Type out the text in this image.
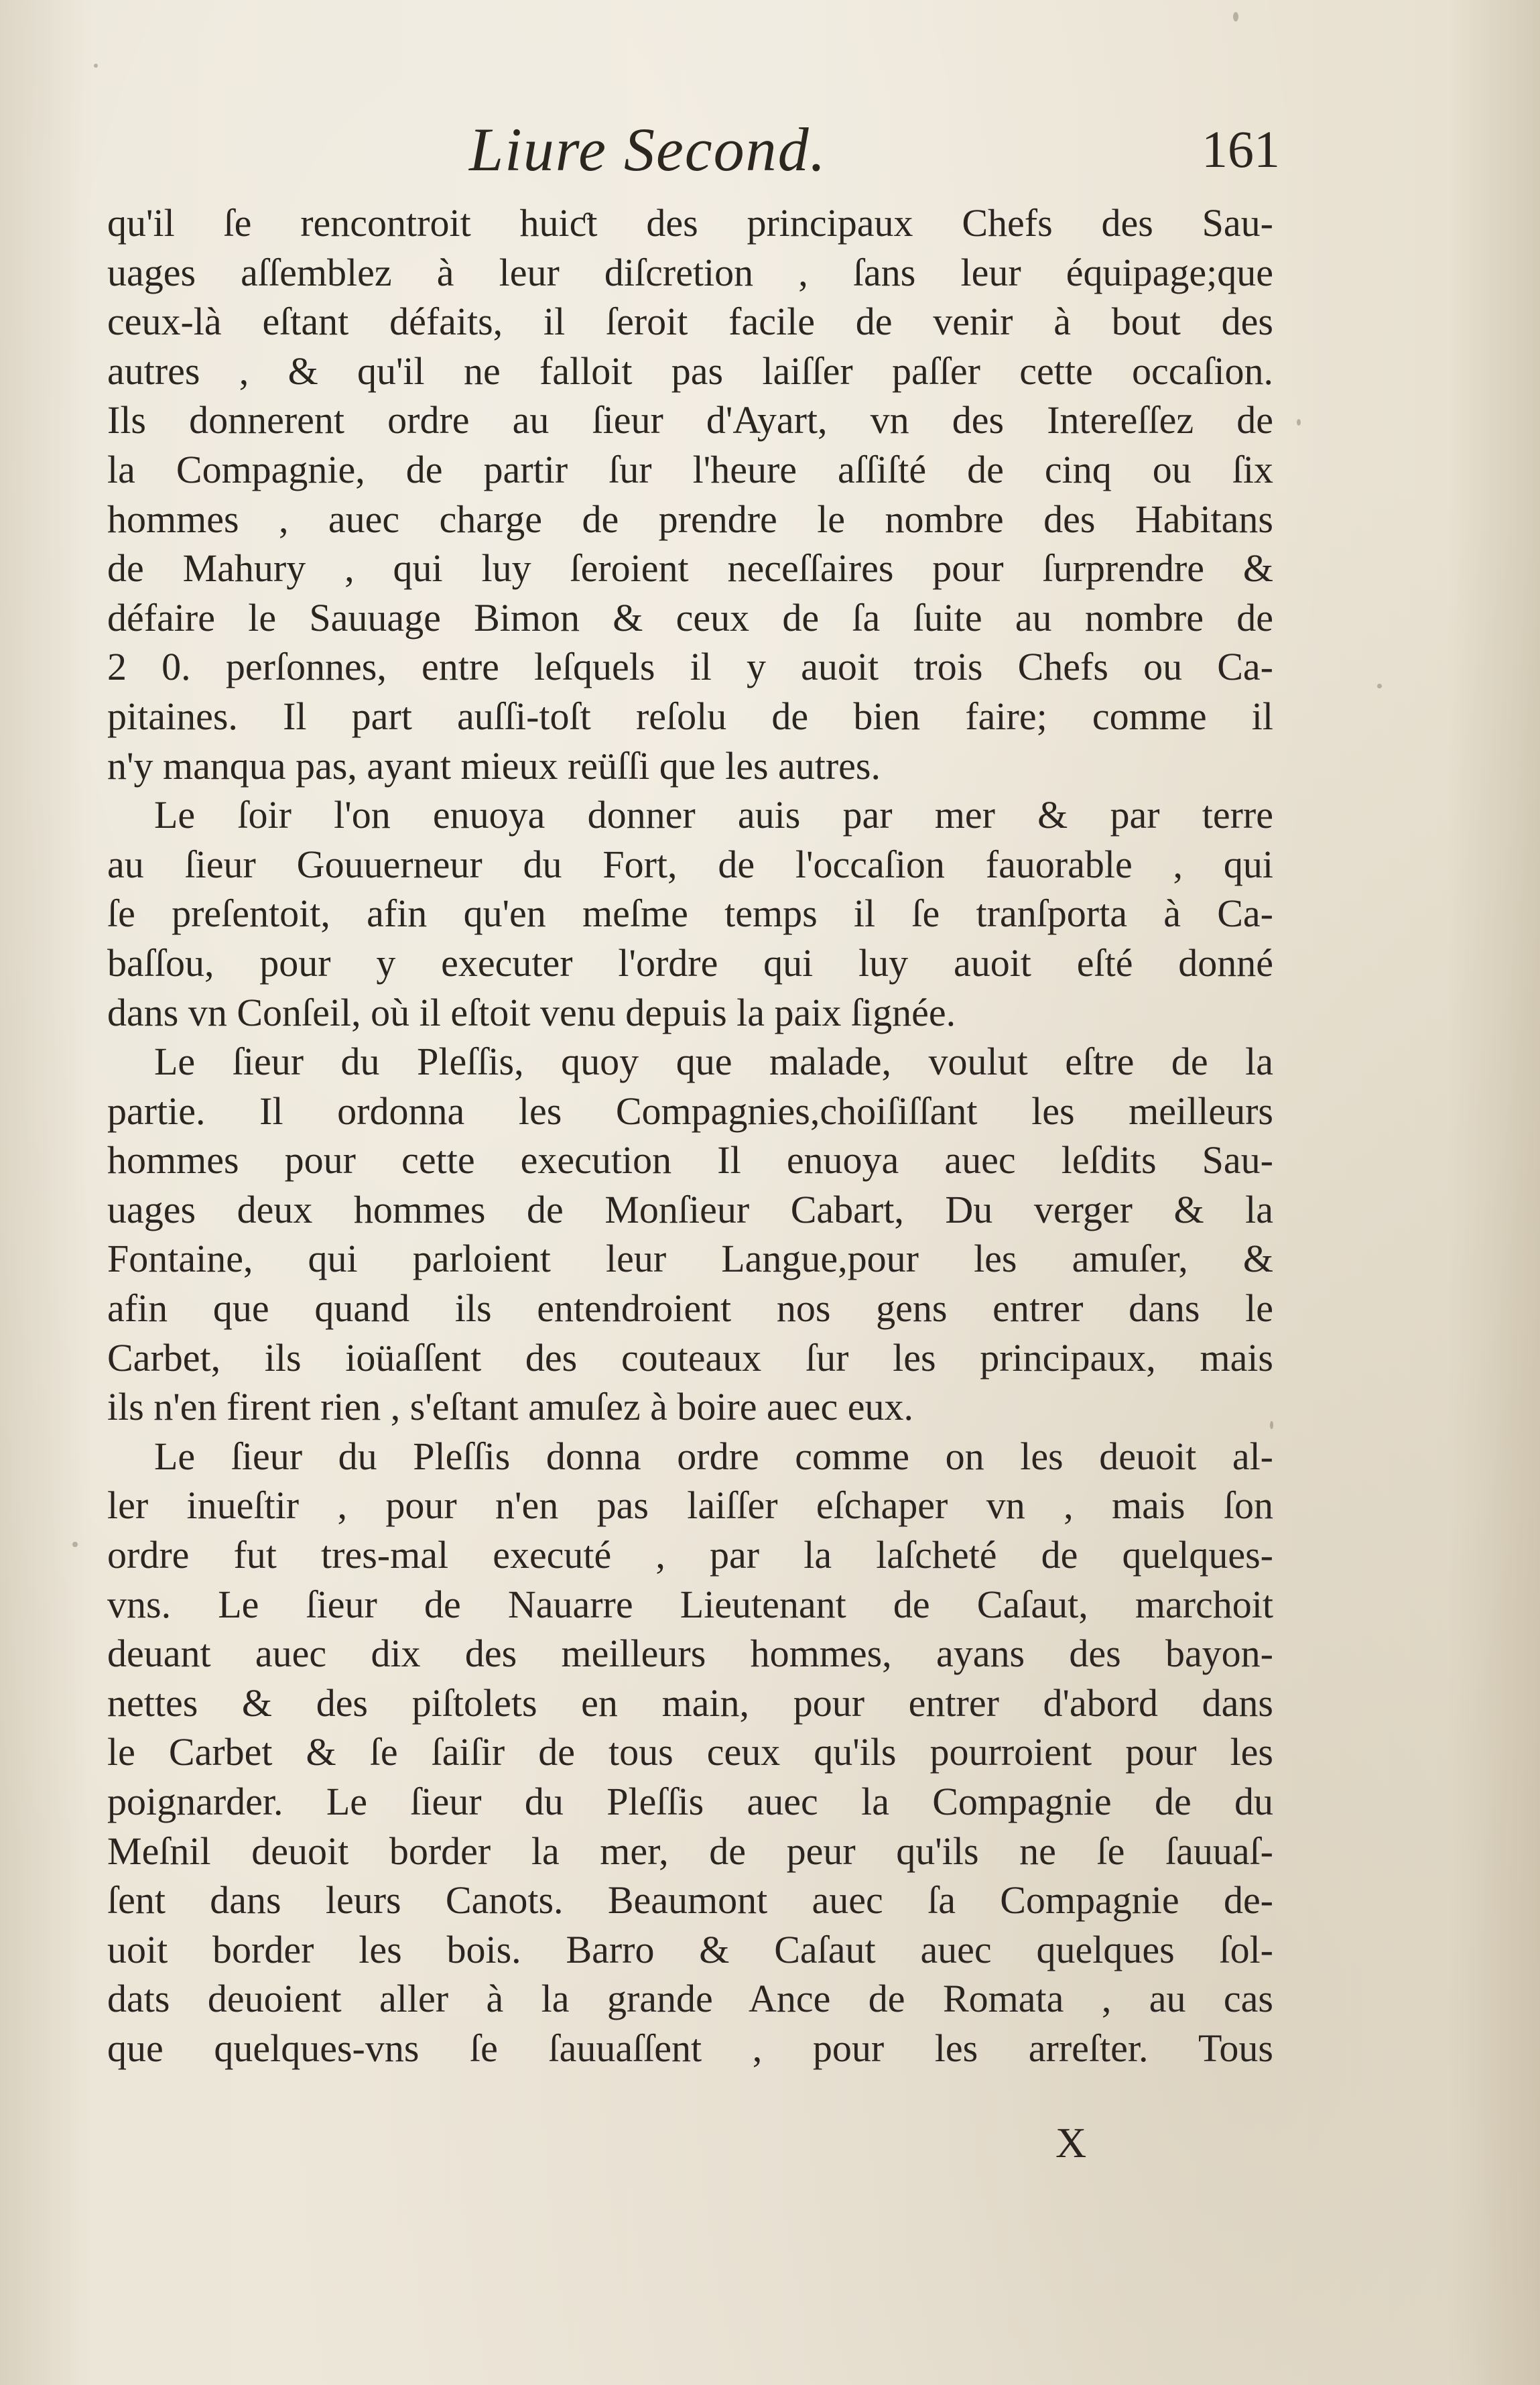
Liure Second.	161
qu'il ſe rencontroit huiƈt des principaux Chefs des Sau-
uages aſſemblez à leur diſcretion , ſans leur équipage;que
ceux-là eſtant défaits, il ſeroit facile de venir à bout des
autres , & qu'il ne falloit pas laiſſer paſſer cette occaſion.
Ils donnerent ordre au ſieur d'Ayart, vn des Intereſſez de
la Compagnie, de partir ſur l'heure aſſiſté de cinq ou ſix
hommes , auec charge de prendre le nombre des Habitans
de Mahury , qui luy ſeroient neceſſaires pour ſurprendre &
défaire le Sauuage Bimon & ceux de ſa ſuite au nombre de
2 0. perſonnes, entre leſquels il y auoit trois Chefs ou Ca-
pitaines. Il part auſſi-toſt reſolu de bien faire; comme il
n'y manqua pas, ayant mieux reüſſi que les autres.
Le ſoir l'on enuoya donner auis par mer & par terre
au ſieur Gouuerneur du Fort, de l'occaſion fauorable , qui
ſe preſentoit, afin qu'en meſme temps il ſe tranſporta à Ca-
baſſou, pour y executer l'ordre qui luy auoit eſté donné
dans vn Conſeil, où il eſtoit venu depuis la paix ſignée.
Le ſieur du Pleſſis, quoy que malade, voulut eſtre de la
partie. Il ordonna les Compagnies,choiſiſſant les meilleurs
hommes pour cette execution Il enuoya auec leſdits Sau-
uages deux hommes de Monſieur Cabart, Du verger & la
Fontaine, qui parloient leur Langue,pour les amuſer, &
afin que quand ils entendroient nos gens entrer dans le
Carbet, ils ioüaſſent des couteaux ſur les principaux, mais
ils n'en firent rien , s'eſtant amuſez à boire auec eux.
Le ſieur du Pleſſis donna ordre comme on les deuoit al-
ler inueſtir , pour n'en pas laiſſer eſchaper vn , mais ſon
ordre fut tres-mal executé , par la laſcheté de quelques-
vns. Le ſieur de Nauarre Lieutenant de Caſaut, marchoit
deuant auec dix des meilleurs hommes, ayans des bayon-
nettes & des piſtolets en main, pour entrer d'abord dans
le Carbet & ſe ſaiſir de tous ceux qu'ils pourroient pour les
poignarder. Le ſieur du Pleſſis auec la Compagnie de du
Meſnil deuoit border la mer, de peur qu'ils ne ſe ſauuaſ-
ſent dans leurs Canots. Beaumont auec ſa Compagnie de-
uoit border les bois. Barro & Caſaut auec quelques ſol-
dats deuoient aller à la grande Ance de Romata , au cas
que quelques-vns ſe ſauuaſſent , pour les arreſter. Tous
X
